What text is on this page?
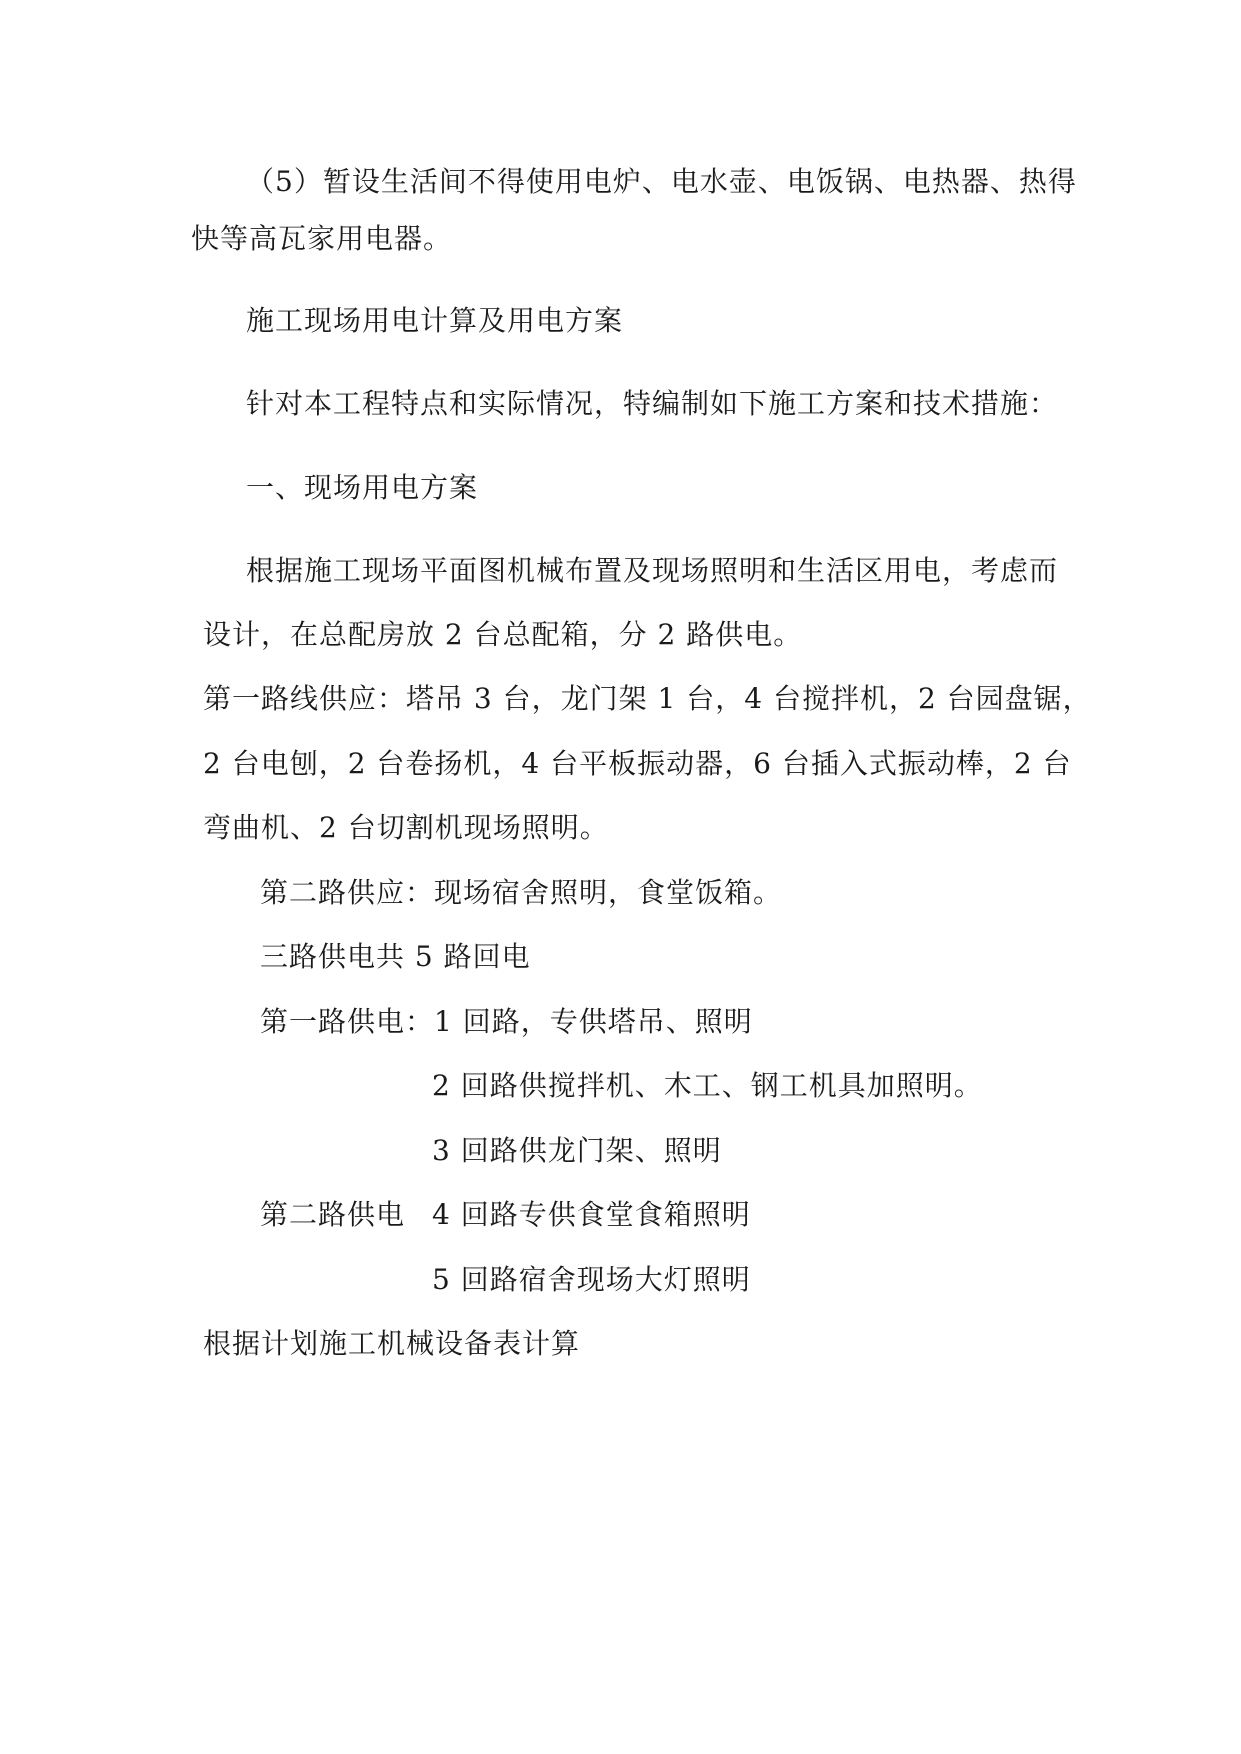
（5）暂设生活间不得使用电炉、电水壶、电饭锅、电热器、热得
快等高瓦家用电器。
施工现场用电计算及用电方案
针对本工程特点和实际情况，特编制如下施工方案和技术措施：
一、现场用电方案
根据施工现场平面图机械布置及现场照明和生活区用电，考虑而
设计，在总配房放 2 台总配箱，分 2 路供电。
第一路线供应：塔吊 3 台，龙门架 1 台，4 台搅拌机，2 台园盘锯，
2 台电刨，2 台卷扬机，4 台平板振动器，6 台插入式振动棒，2 台
弯曲机、2 台切割机现场照明。
第二路供应：现场宿舍照明，食堂饭箱。
三路供电共 5 路回电
第一路供电：1 回路，专供塔吊、照明
2 回路供搅拌机、木工、钢工机具加照明。
3 回路供龙门架、照明
第二路供电 4 回路专供食堂食箱照明
5 回路宿舍现场大灯照明
根据计划施工机械设备表计算
